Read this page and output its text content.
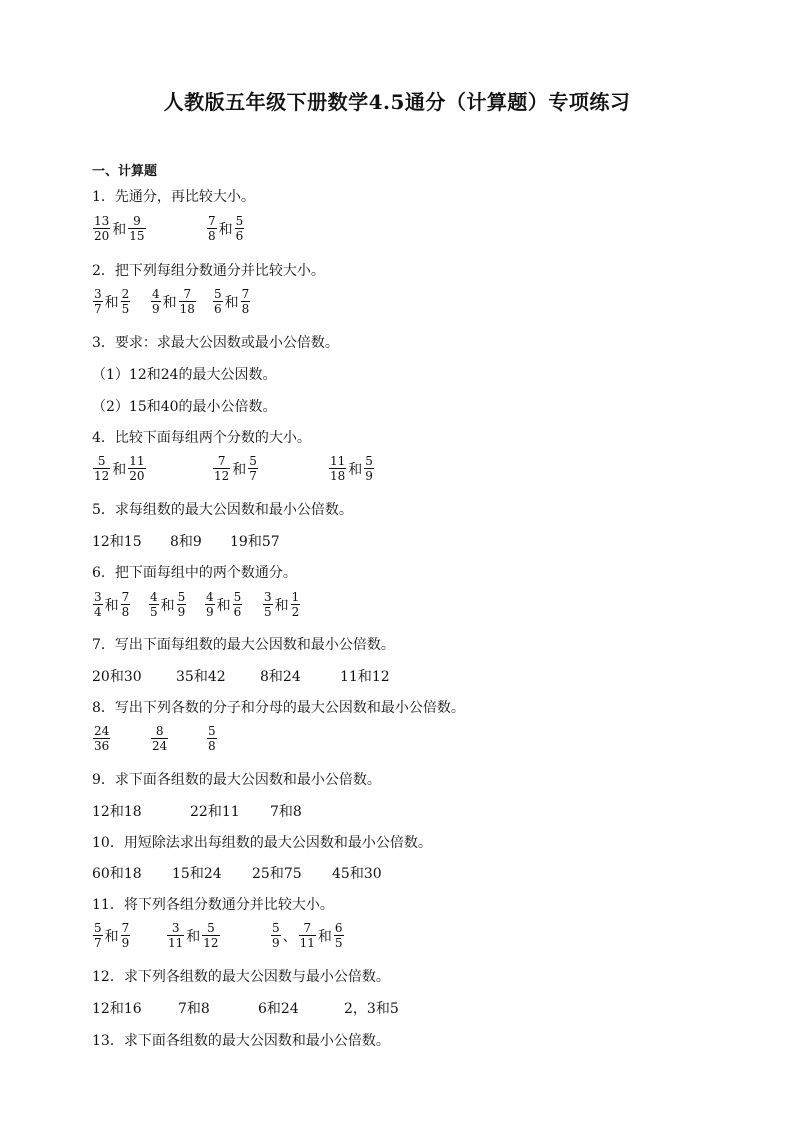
人教版五年级下册数学4.5通分（计算题）专项练习
一、计算题
1．先通分，再比较大小。
$\frac{13}{20}$ 和 $\frac{9}{15}$	$\frac{7}{8}$ 和 $\frac{5}{6}$
2．把下列每组分数通分并比较大小。
$\frac{3}{7}$ 和 $\frac{2}{5} \frac{4}{9}$ 和 $\frac{7}{18} \frac{5}{6}$ 和 $\frac{7}{8}$
3．要求：求最大公因数或最小公倍数。
（1）12和24的最大公因数。
（2）15和40的最小公倍数。
4．比较下面每组两个分数的大小。
$\frac{5}{12}$ 和 $\frac{11}{20}$	$\frac{7}{12}$ 和 $\frac{5}{7}$	$\frac{11}{18}$ 和 $\frac{5}{9}$
5．求每组数的最大公因数和最小公倍数。
12和15 8和9 19和57
6．把下面每组中的两个数通分。
$\frac{3}{4}$ 和 $\frac{7}{8} \frac{4}{5}$ 和 $\frac{5}{9} \frac{4}{9}$ 和 $\frac{5}{6} \frac{3}{5}$ 和 $\frac{1}{2}$
7．写出下面每组数的最大公因数和最小公倍数。
20和30 35和42 8和24	11和12
8．写出下列各数的分子和分母的最大公因数和最小公倍数。
$\frac{24}{36}$	$\frac{8}{24}$	$\frac{5}{8}$
9．求下面各组数的最大公因数和最小公倍数。
12和18	22和11 7和8
10．用短除法求出每组数的最大公因数和最小公倍数。
60和18 15和24 25和75 45和30
11．将下列各组分数通分并比较大小。
$\frac{5}{7}$ 和 $\frac{7}{9}$	$\frac{3}{11}$ 和 $\frac{5}{12}$	$\frac{5}{9}$ 、 $\frac{7}{11}$ 和 $\frac{6}{5}$
12．求下列各组数的最大公因数与最小公倍数。
12和16	7和8	6和24	2，3和5
13．求下面各组数的最大公因数和最小公倍数。
